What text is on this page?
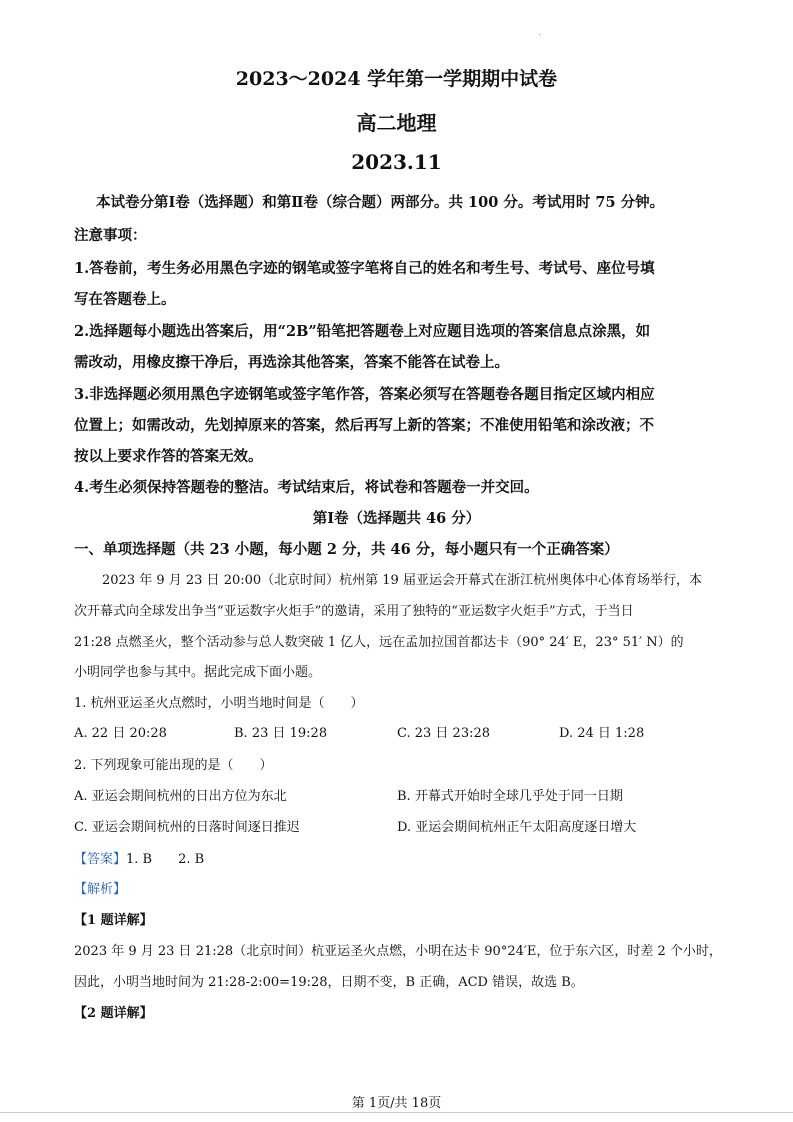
.
2023～2024 学年第一学期期中试卷
高二地理
2023.11
本试卷分第Ⅰ卷（选择题）和第Ⅱ卷（综合题）两部分。共 100 分。考试用时 75 分钟。
注意事项：
1.答卷前，考生务必用黑色字迹的钢笔或签字笔将自己的姓名和考生号、考试号、座位号填
写在答题卷上。
2.选择题每小题选出答案后，用“2B”铅笔把答题卷上对应题目选项的答案信息点涂黑，如
需改动，用橡皮擦干净后，再选涂其他答案，答案不能答在试卷上。
3.非选择题必须用黑色字迹钢笔或签字笔作答，答案必须写在答题卷各题目指定区域内相应
位置上；如需改动，先划掉原来的答案，然后再写上新的答案；不准使用铅笔和涂改液；不
按以上要求作答的答案无效。
4.考生必须保持答题卷的整洁。考试结束后，将试卷和答题卷一并交回。
第Ⅰ卷（选择题共 46 分）
一、单项选择题（共 23 小题，每小题 2 分，共 46 分，每小题只有一个正确答案）
2023 年 9 月 23 日 20:00（北京时间）杭州第 19 届亚运会开幕式在浙江杭州奥体中心体育场举行，本
次开幕式向全球发出争当“亚运数字火炬手”的邀请，采用了独特的“亚运数字火炬手”方式，于当日
21:28 点燃圣火，整个活动参与总人数突破 1 亿人，远在孟加拉国首都达卡（90° 24′ E，23° 51′ N）的
小明同学也参与其中。据此完成下面小题。
1. 杭州亚运圣火点燃时，小明当地时间是（　　）
A. 22 日 20:28	B. 23 日 19:28	C. 23 日 23:28	D. 24 日 1:28
2. 下列现象可能出现的是（　　）
A. 亚运会期间杭州的日出方位为东北	B. 开幕式开始时全球几乎处于同一日期
C. 亚运会期间杭州的日落时间逐日推迟	D. 亚运会期间杭州正午太阳高度逐日增大
【答案】1. B　　2. B
【解析】
【1 题详解】
2023 年 9 月 23 日 21:28（北京时间）杭亚运圣火点燃，小明在达卡 90°24′E，位于东六区，时差 2 个小时，
因此，小明当地时间为 21:28-2:00=19:28，日期不变，B 正确，ACD 错误，故选 B。
【2 题详解】
第 1页/共 18页
